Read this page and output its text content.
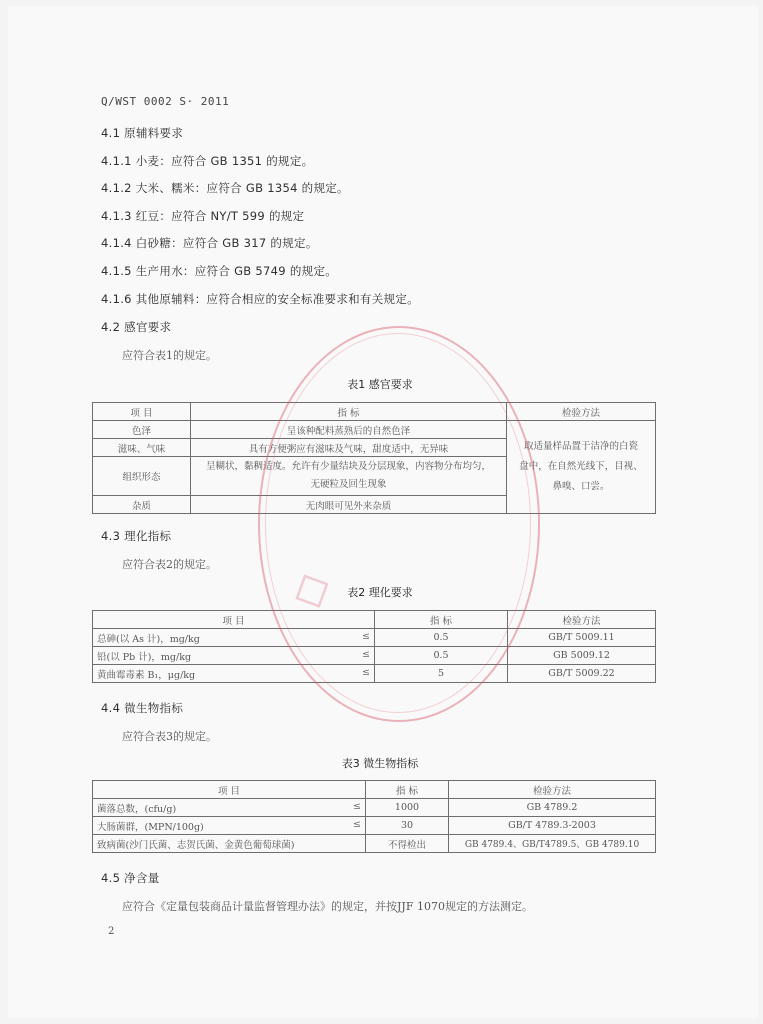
Q/WST 0002 S· 2011
4.1 原辅料要求
4.1.1 小麦：应符合 GB 1351 的规定。
4.1.2 大米、糯米：应符合 GB 1354 的规定。
4.1.3 红豆：应符合 NY/T 599 的规定
4.1.4 白砂糖：应符合 GB 317 的规定。
4.1.5 生产用水：应符合 GB 5749 的规定。
4.1.6 其他原辅料：应符合相应的安全标准要求和有关规定。
4.2 感官要求
应符合表1的规定。
表1 感官要求
项 目	指 标	检验方法
色泽	呈该种配料蒸熟后的自然色泽	取适量样品置于洁净的白瓷
盘中，在自然光线下，目视、
鼻嗅、口尝。

滋味、气味	具有方便粥应有滋味及气味，甜度适中，无异味	
组织形态	呈糊状，黏稠适度。允许有少量结块及分层现象，内容物分布均匀，
无硬粒及回生现象	

杂质	无肉眼可见外来杂质	
4.3 理化指标
应符合表2的规定。
表2 理化要求
项 目	指 标	检验方法
总砷(以 As 计)，mg/kg ≤	0.5	GB/T 5009.11
铅(以 Pb 计)，mg/kg ≤	0.5	GB 5009.12
黄曲霉毒素 B₁，μg/kg ≤	5	GB/T 5009.22
4.4 微生物指标
应符合表3的规定。
表3 微生物指标
项 目	指 标	检验方法
菌落总数，(cfu/g) ≤	1000	GB 4789.2
大肠菌群，(MPN/100g) ≤	30	GB/T 4789.3-2003
致病菌(沙门氏菌、志贺氏菌、金黄色葡萄球菌)	不得检出	GB 4789.4、GB/T4789.5、GB 4789.10
4.5 净含量
应符合《定量包装商品计量监督管理办法》的规定，并按JJF 1070规定的方法测定。
2
◇
